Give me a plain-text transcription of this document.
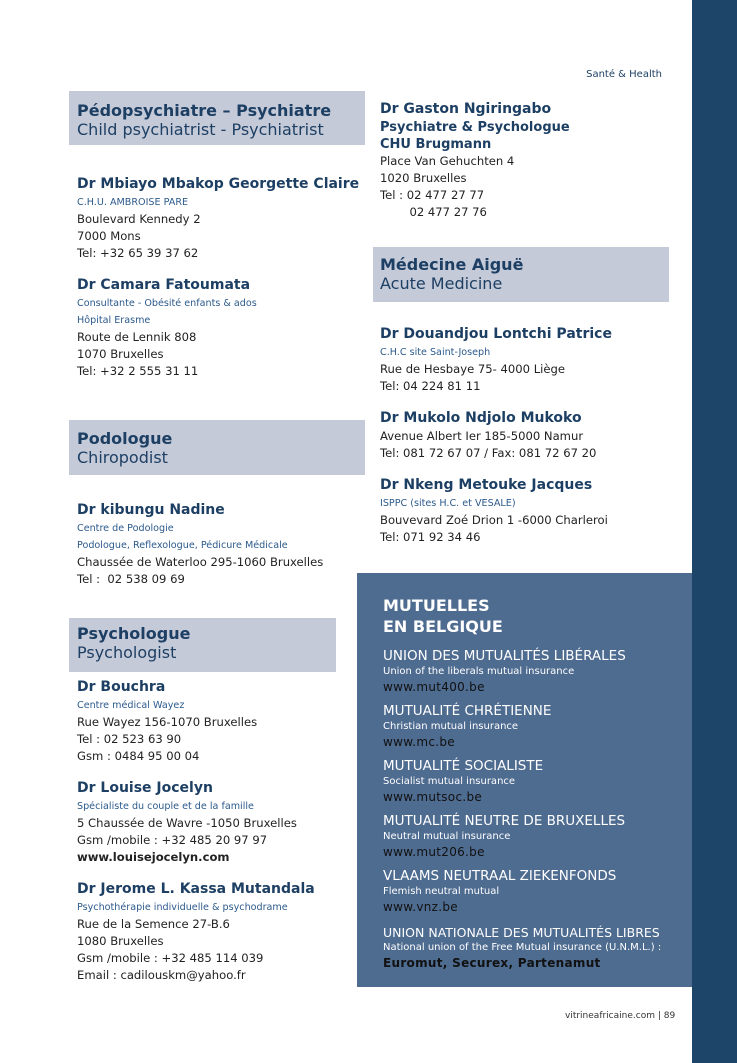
Santé & Health
Pédopsychiatre – Psychiatre
Child psychiatrist - Psychiatrist
Dr Mbiayo Mbakop Georgette Claire
C.H.U. AMBROISE PARE
Boulevard Kennedy 2
7000 Mons
Tel: +32 65 39 37 62
Dr Camara Fatoumata
Consultante - Obésité enfants & ados
Hôpital Erasme
Route de Lennik 808
1070 Bruxelles
Tel: +32 2 555 31 11
Podologue
Chiropodist
Dr kibungu Nadine
Centre de Podologie
Podologue, Reflexologue, Pédicure Médicale
Chaussée de Waterloo 295-1060 Bruxelles
Tel :  02 538 09 69
Psychologue
Psychologist
Dr Bouchra
Centre médical Wayez
Rue Wayez 156-1070 Bruxelles
Tel : 02 523 63 90
Gsm : 0484 95 00 04
Dr Louise Jocelyn
Spécialiste du couple et de la famille
5 Chaussée de Wavre -1050 Bruxelles
Gsm /mobile : +32 485 20 97 97
www.louisejocelyn.com
Dr Jerome L. Kassa Mutandala
Psychothérapie individuelle & psychodrame
Rue de la Semence 27-B.6
1080 Bruxelles
Gsm /mobile : +32 485 114 039
Email : cadilouskm@yahoo.fr
Dr Gaston Ngiringabo
Psychiatre & Psychologue
CHU Brugmann
Place Van Gehuchten 4
1020 Bruxelles
Tel : 02 477 27 77
02 477 27 76
Médecine Aiguë
Acute Medicine
Dr Douandjou Lontchi Patrice
C.H.C site Saint-Joseph
Rue de Hesbaye 75- 4000 Liège
Tel: 04 224 81 11
Dr Mukolo Ndjolo Mukoko
Avenue Albert Ier 185-5000 Namur
Tel: 081 72 67 07 / Fax: 081 72 67 20
Dr Nkeng Metouke Jacques
ISPPC (sites H.C. et VESALE)
Bouvevard Zoé Drion 1 -6000 Charleroi
Tel: 071 92 34 46
MUTUELLES
EN BELGIQUE
UNION DES MUTUALITÉS LIBÉRALES
Union of the liberals mutual insurance
www.mut400.be
MUTUALITÉ CHRÉTIENNE
Christian mutual insurance
www.mc.be
MUTUALITÉ SOCIALISTE
Socialist mutual insurance
www.mutsoc.be
MUTUALITÉ NEUTRE DE BRUXELLES
Neutral mutual insurance
www.mut206.be
VLAAMS NEUTRAAL ZIEKENFONDS
Flemish neutral mutual
www.vnz.be
UNION NATIONALE DES MUTUALITÉS LIBRES
National union of the Free Mutual insurance (U.N.M.L.) :
Euromut, Securex, Partenamut
vitrineafricaine.com | 89
